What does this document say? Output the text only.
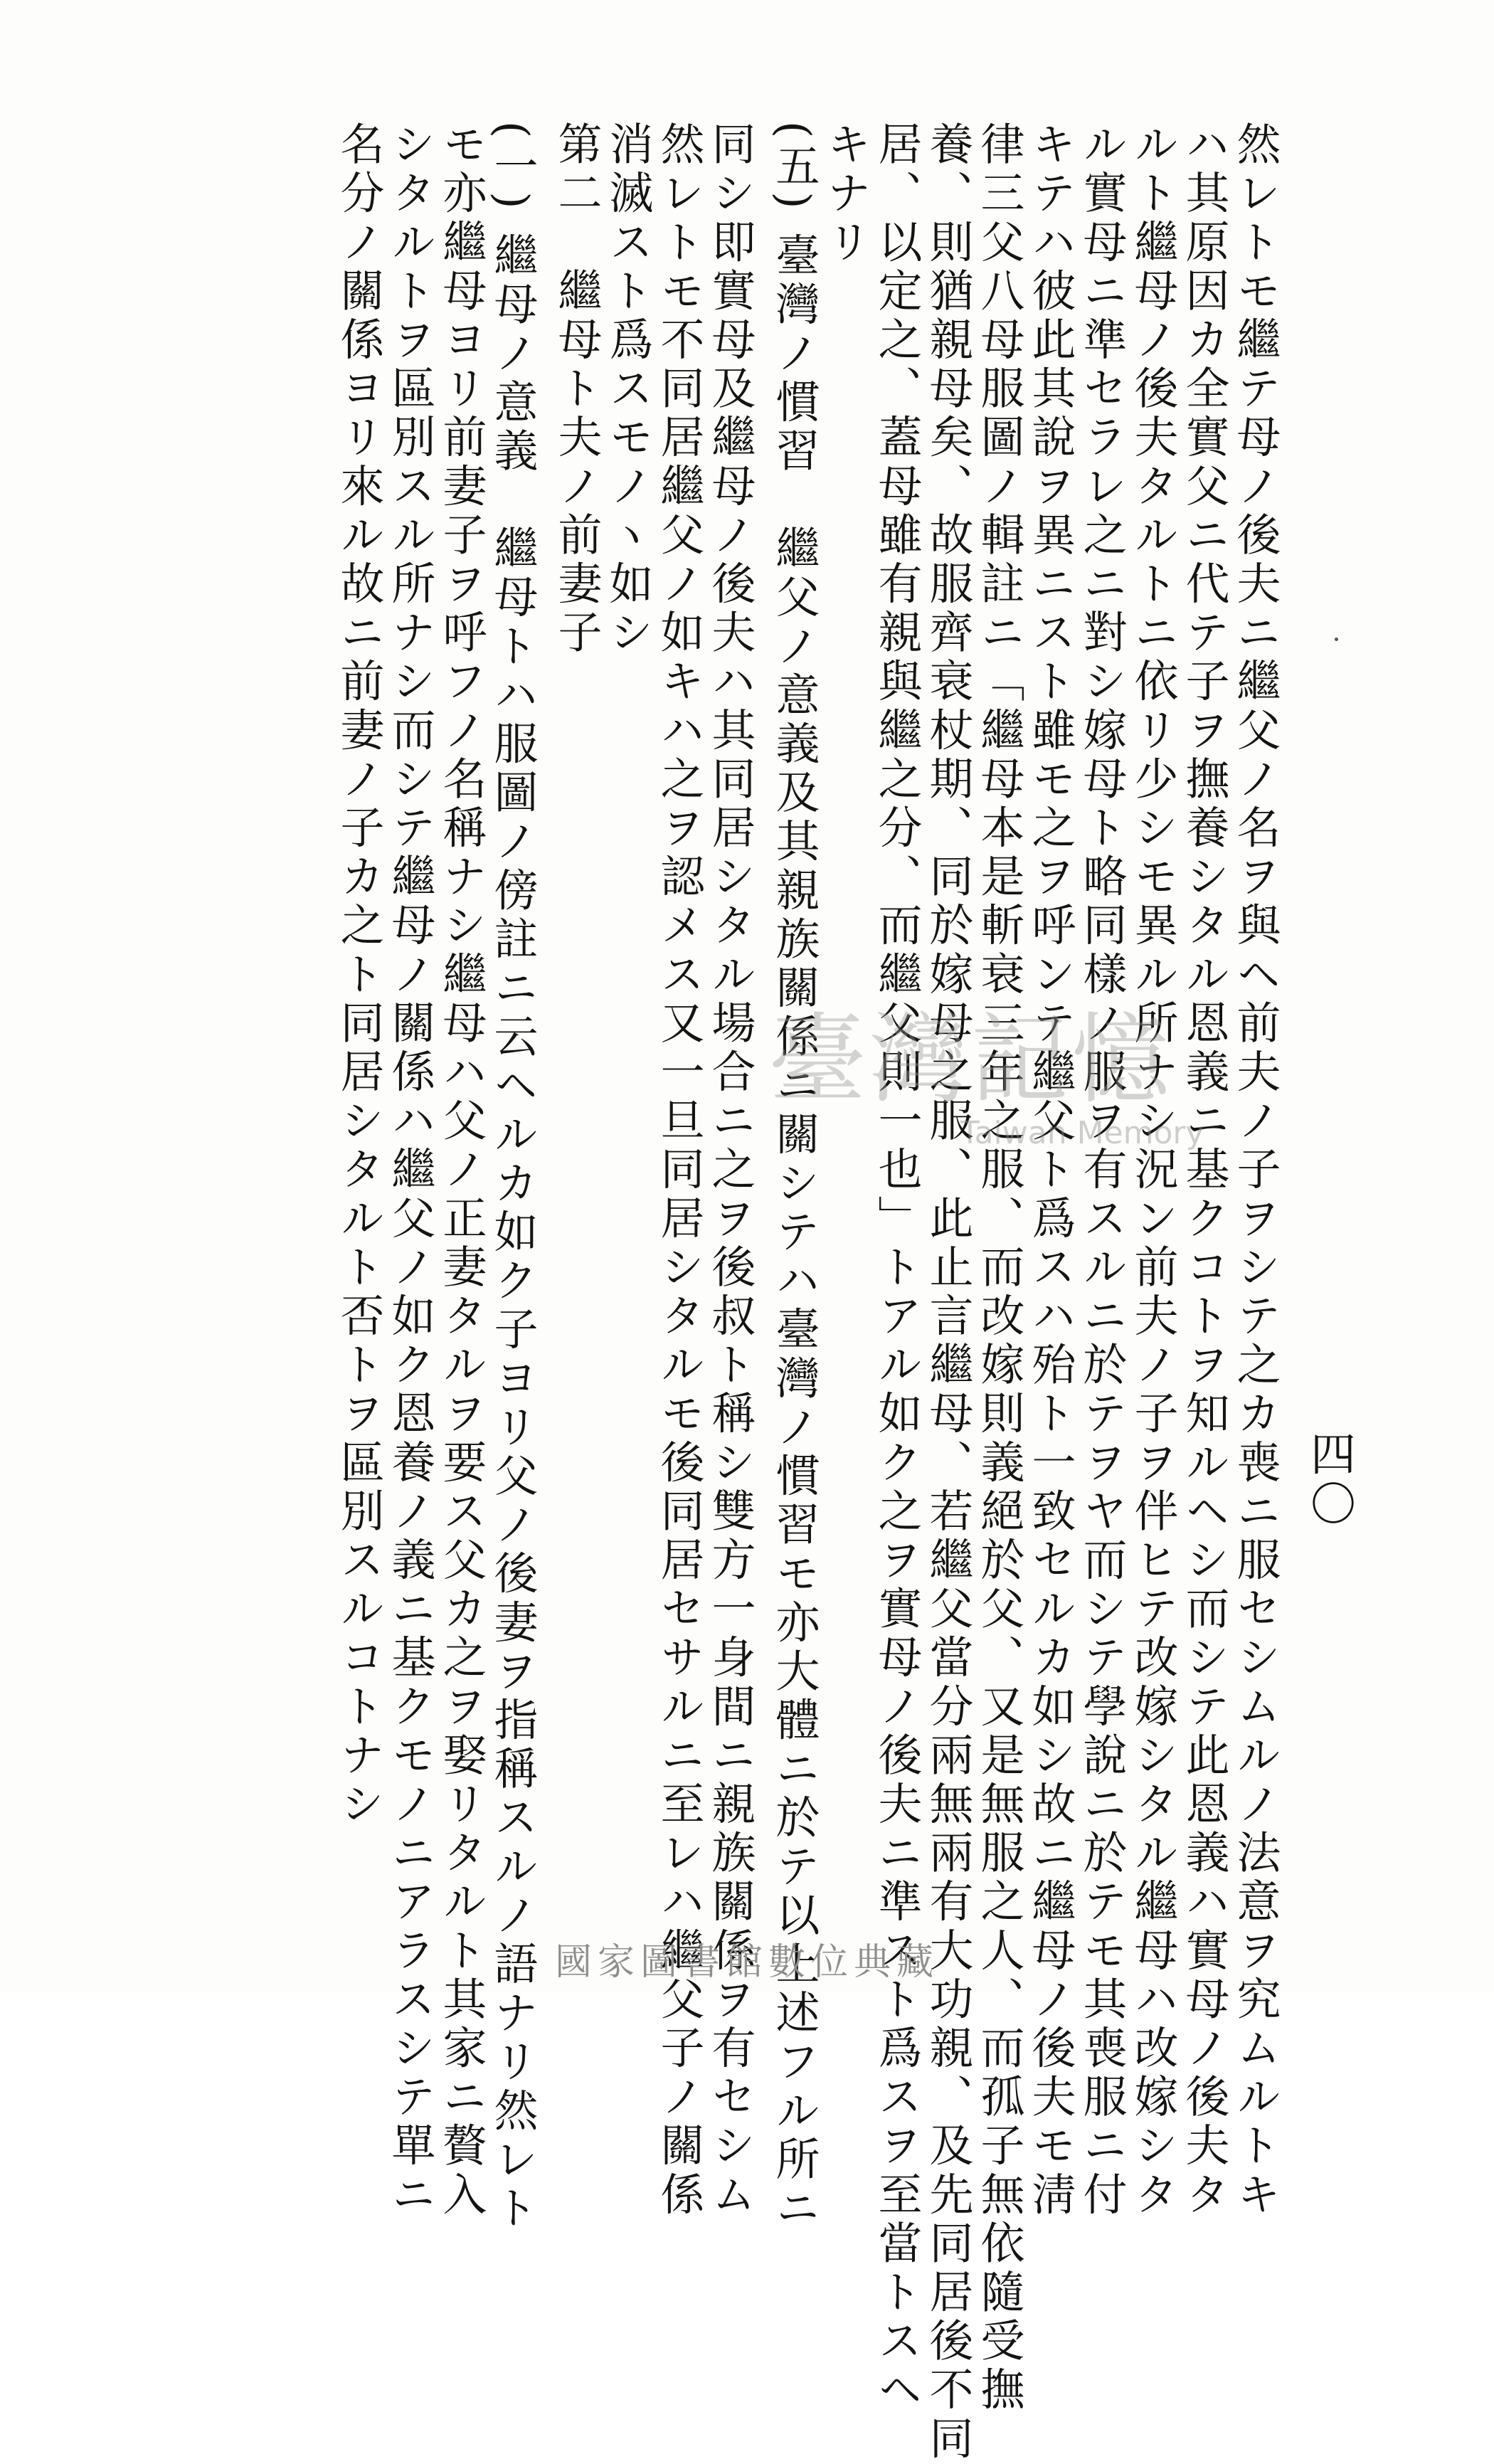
四〇
然レトモ繼テ母ノ後夫ニ繼父ノ名ヲ與ヘ前夫ノ子ヲシテ之カ喪ニ服セシムルノ法意ヲ究ムルトキ
ハ其原因カ全實父ニ代テ子ヲ撫養シタル恩義ニ基クコトヲ知ルヘシ而シテ此恩義ハ實母ノ後夫タ
ルト繼母ノ後夫タルトニ依リ少シモ異ル所ナシ況ン前夫ノ子ヲ伴ヒテ改嫁シタル繼母ハ改嫁シタ
ル實母ニ準セラレ之ニ對シ嫁母ト略同樣ノ服ヲ有スルニ於テヲヤ而シテ學說ニ於テモ其喪服ニ付
キテハ彼此其說ヲ異ニスト雖モ之ヲ呼ンテ繼父ト爲スハ殆ト一致セルカ如シ故ニ繼母ノ後夫モ淸
律三父八母服圖ノ輯註ニ「繼母本是斬衰三年之服、而改嫁則義絕於父、又是無服之人、而孤子無依隨受撫
養、則猶親母矣、故服齊衰杖期、同於嫁母之服、此止言繼母、若繼父當分兩無兩有大功親、及先同居後不同
居、以定之、蓋母雖有親與繼之分、而繼父則一也」トアル如ク之ヲ實母ノ後夫ニ準スト爲スヲ至當トスヘ
キナリ
(五) 臺灣ノ慣習　繼父ノ意義及其親族關係ニ關シテハ臺灣ノ慣習モ亦大體ニ於テ以上述フル所ニ
同シ即實母及繼母ノ後夫ハ其同居シタル場合ニ之ヲ後叔ト稱シ雙方一身間ニ親族關係ヲ有セシム
然レトモ不同居繼父ノ如キハ之ヲ認メス又一旦同居シタルモ後同居セサルニ至レハ繼父子ノ關係
消滅スト爲スモノヽ如シ
第二　繼母ト夫ノ前妻子
(一) 繼母ノ意義　繼母トハ服圖ノ傍註ニ云ヘルカ如ク子ヨリ父ノ後妻ヲ指稱スルノ語ナリ然レト
モ亦繼母ヨリ前妻子ヲ呼フノ名稱ナシ繼母ハ父ノ正妻タルヲ要ス父カ之ヲ娶リタルト其家ニ贅入
シタルトヲ區別スル所ナシ而シテ繼母ノ關係ハ繼父ノ如ク恩養ノ義ニ基クモノニアラスシテ單ニ
名分ノ關係ヨリ來ル故ニ前妻ノ子カ之ト同居シタルト否トヲ區別スルコトナシ	臺灣記憶
Taiwan Memory
國家圖書館數位典藏
